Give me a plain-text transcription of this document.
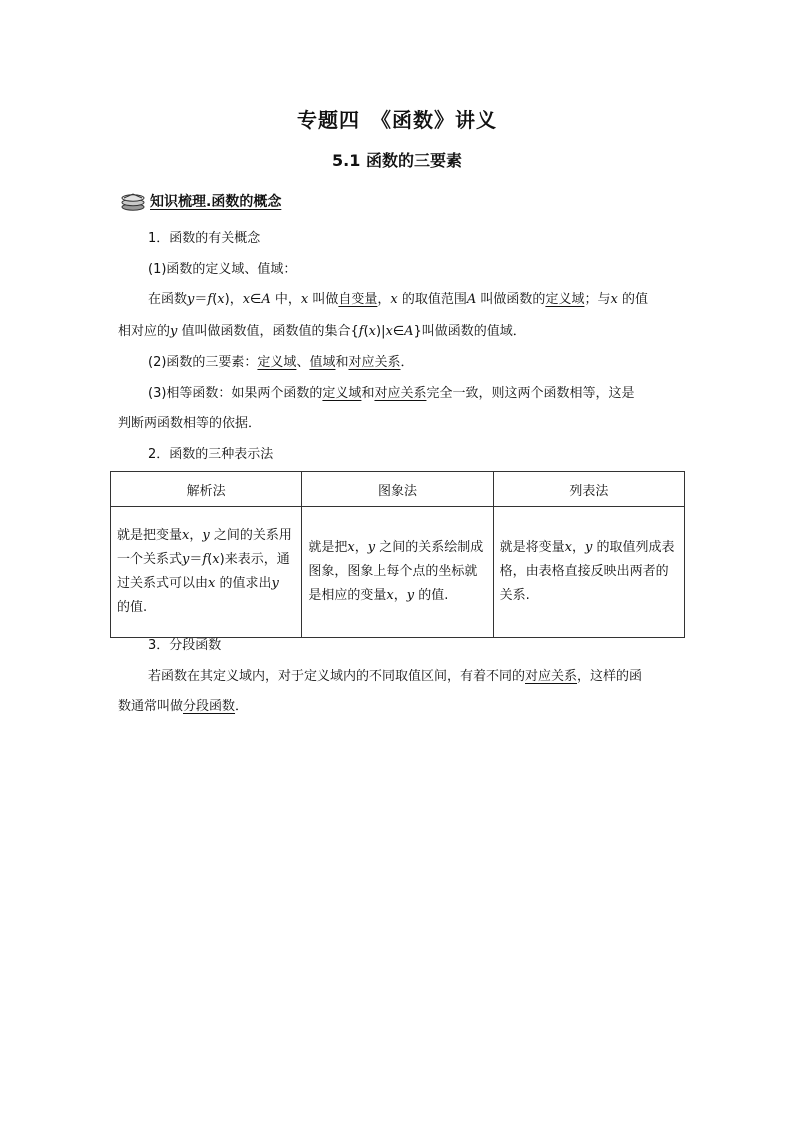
专题四　《函数》讲义
5.1 函数的三要素
知识梳理.函数的概念
1．函数的有关概念
(1)函数的定义域、值域：
在函数y＝f(x)，x∈A 中，x 叫做自变量，x 的取值范围A 叫做函数的定义域；与x 的值
相对应的y 值叫做函数值，函数值的集合{f(x)|x∈A}叫做函数的值域．
(2)函数的三要素：定义域、值域和对应关系．
(3)相等函数：如果两个函数的定义域和对应关系完全一致，则这两个函数相等，这是
判断两函数相等的依据．
2．函数的三种表示法
解析法	图象法	列表法
就是把变量x，y 之间的关系用一个关系式y＝f(x)来表示，通过关系式可以由x 的值求出y 的值.	就是把x，y 之间的关系绘制成图象，图象上每个点的坐标就是相应的变量x，y 的值.	就是将变量x，y 的取值列成表格，由表格直接反映出两者的关系.
3．分段函数
若函数在其定义域内，对于定义域内的不同取值区间，有着不同的对应关系，这样的函
数通常叫做分段函数．
